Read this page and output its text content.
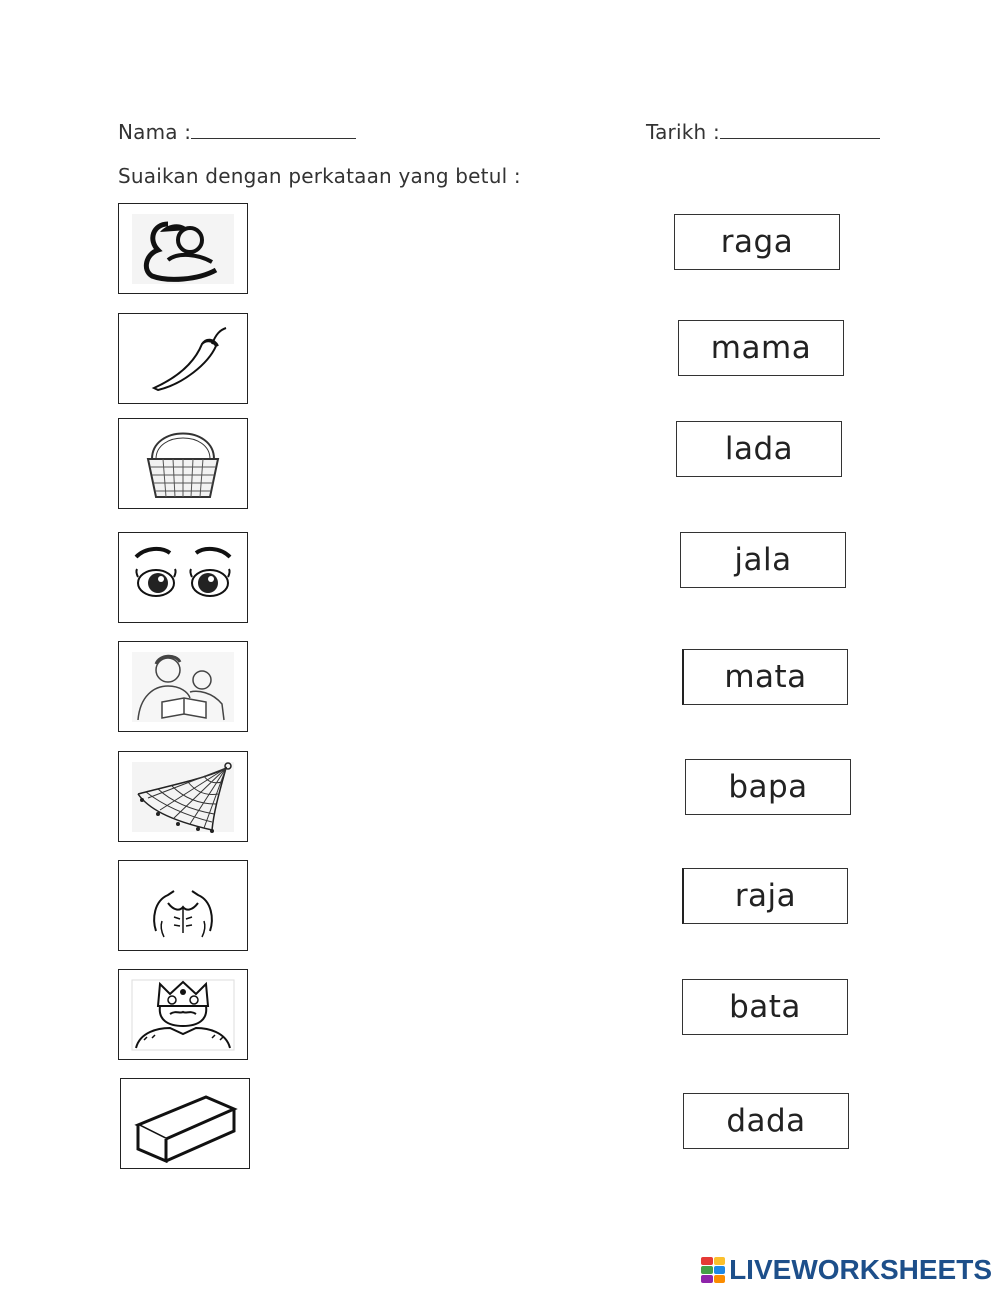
Nama :	Tarikh :
Suaikan dengan perkataan yang betul :
raga
mama
lada
jala
mata
bapa
raja
bata
dada
LIVEWORKSHEETS
